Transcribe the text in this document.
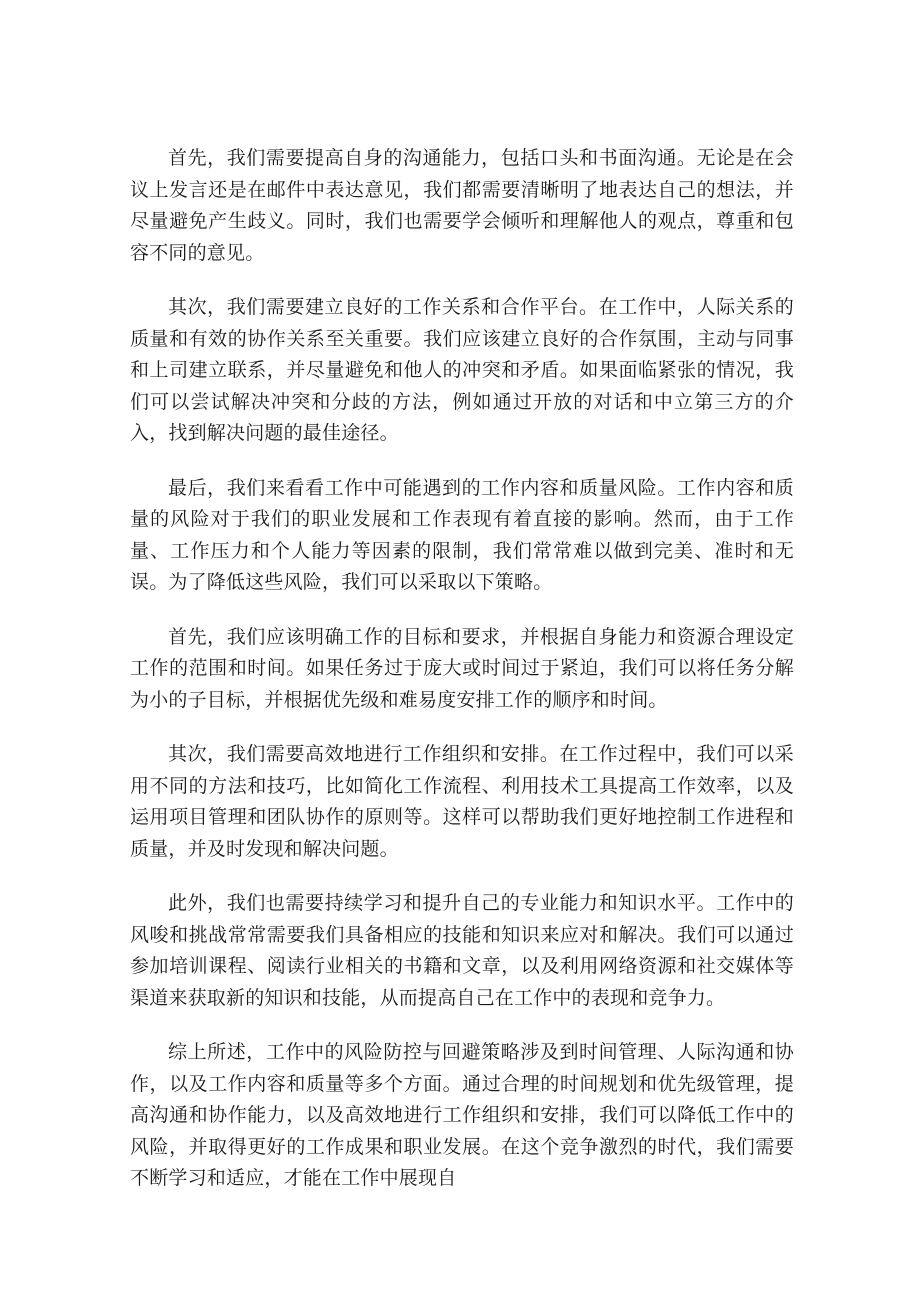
首先，我们需要提高自身的沟通能力，包括口头和书面沟通。无论是在会议上发言还是在邮件中表达意见，我们都需要清晰明了地表达自己的想法，并尽量避免产生歧义。同时，我们也需要学会倾听和理解他人的观点，尊重和包容不同的意见。

其次，我们需要建立良好的工作关系和合作平台。在工作中，人际关系的质量和有效的协作关系至关重要。我们应该建立良好的合作氛围，主动与同事和上司建立联系，并尽量避免和他人的冲突和矛盾。如果面临紧张的情况，我们可以尝试解决冲突和分歧的方法，例如通过开放的对话和中立第三方的介入，找到解决问题的最佳途径。

最后，我们来看看工作中可能遇到的工作内容和质量风险。工作内容和质量的风险对于我们的职业发展和工作表现有着直接的影响。然而，由于工作量、工作压力和个人能力等因素的限制，我们常常难以做到完美、准时和无误。为了降低这些风险，我们可以采取以下策略。

首先，我们应该明确工作的目标和要求，并根据自身能力和资源合理设定工作的范围和时间。如果任务过于庞大或时间过于紧迫，我们可以将任务分解为小的子目标，并根据优先级和难易度安排工作的顺序和时间。

其次，我们需要高效地进行工作组织和安排。在工作过程中，我们可以采用不同的方法和技巧，比如简化工作流程、利用技术工具提高工作效率，以及运用项目管理和团队协作的原则等。这样可以帮助我们更好地控制工作进程和质量，并及时发现和解决问题。

此外，我们也需要持续学习和提升自己的专业能力和知识水平。工作中的风唆和挑战常常需要我们具备相应的技能和知识来应对和解决。我们可以通过参加培训课程、阅读行业相关的书籍和文章，以及利用网络资源和社交媒体等渠道来获取新的知识和技能，从而提高自己在工作中的表现和竞争力。

综上所述，工作中的风险防控与回避策略涉及到时间管理、人际沟通和协作，以及工作内容和质量等多个方面。通过合理的时间规划和优先级管理，提高沟通和协作能力，以及高效地进行工作组织和安排，我们可以降低工作中的风险，并取得更好的工作成果和职业发展。在这个竞争激烈的时代，我们需要不断学习和适应，才能在工作中展现自
